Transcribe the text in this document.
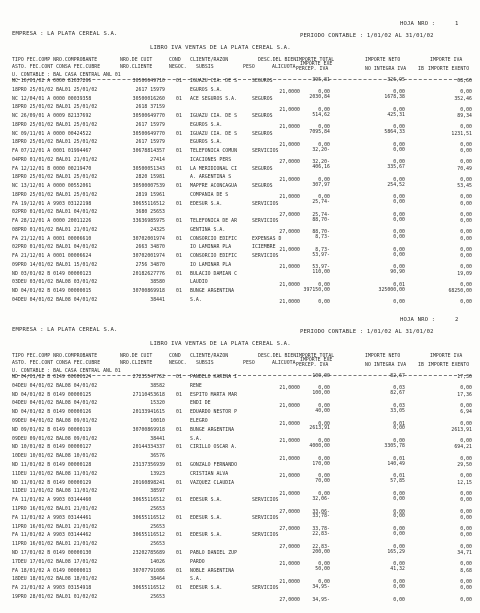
HOJA NRO :	1
EMPRESA : LA PLATA CEREAL S.A.	PERIODO CONTABLE : 1/01/02 AL 31/01/02
LIBRO IVA VENTAS DE LA PLATA CEREAL S.A.
TIPO FEC.COMP NRO.COMPROBANTE	NRO.DE CUIT	COND CLIENTE/RAZON	DESC.DEL BIEN IMPORTE TOTAL	IMPORTE NETO	IMPORTE IVA
ASTO. FEC.CONT CONSA FEC.CUBRE	NRO.CLIENTE	NEGOC. SUBSIS	PESO	ALICUOTA
IMPORTE EXE
PERCEP. IVA	NO INTEGRA IVA IB IMPORTE EXENTO
U. CONTABLE : BAL CASA CENTRAL ANL 01
NC 10/01/02 A 0000 81037266	30500649710 01 IGUAZU CIA. DE S	SEGUROS	395,81	326,95	68,66
18PRO 25/01/02 BAL01 25/01/02	2617 15979	EGUROS S.A.	21,0000	0,00	0,00	0,00
NC 12/04/01 A 0000 00039358	30500016260 01 ACE SEGUROS S.A.	SEGUROS	2030,84	1678,38	352,46
18PRO 25/01/02 BAL01 25/01/02	2618 37159	21,0000	0,00	0,00	0,00
NC 26/09/01 A 0009 82137692	30500649770 01 IGUAZU CIA. DE S	SEGUROS	514,62	425,31	89,34
18PRO 25/01/02 BAL01 25/01/02	2617 15979	EGUROS S.A.	21,0000	0,00	0,00	0,00
NC 09/11/01 A 0000 00424522	30500649770 01 IGUAZU CIA. DE S	SEGUROS	7095,84	5864,33	1231,51
18PRO 25/01/02 BAL01 25/01/02	2617 15979	EGUROS S.A.	21,0000	0,00	0,00	0,00
FA 07/12/01 A 0001 01994467	30678814357 01 TELEFONICA COMUN	SERVICIOS	32,20-	0,00	0,00
04PRO 01/01/02 BAL01 21/01/02	27414	ICACIONES PERS	27,0000	32,20-	0,00	0,00
FA 12/12/01 B 0000 00219470	30500051343 01 LA MERIDIONAL CI	SEGUROS	406,16	335,67	70,49
18PRO 25/01/02 BAL01 25/01/02	2820 15981	A. ARGENTINA S	21,0000	0,00	0,00	0,00
NC 13/12/01 A 0000 00552061	30500007539 01 MAPFRE ACONCAGUA	SEGUROS	307,97	254,52	53,45
18PRO 25/01/02 BAL01 25/01/02	2819 15961	COMPANIA DE S	21,0000	0,00	0,00	0,00
FA 19/12/01 A 9903 03122198	30655116512 01 EDESUR S.A.	SERVICIOS	25,74-	0,00	0,00
02PRO 01/01/02 BAL01 04/01/02	3680 25653	27,0000	25,74-	0,00	0,00
FA 28/12/01 A 0000 20011226	33636985975 01 TELEFONICA DE AR	SERVICIOS	88,70-	0,00	0,00
08PRO 01/01/02 BAL01 21/01/02	24325	GENTINA S.A.	27,0000	88,70-	0,00	0,00
FA 21/12/01 A 0001 00006610	30702001974 01 CONSORCIO EDIFIC	EXPENSAS D	8,73-	0,00	0,00
02PRO 01/01/02 BAL01 04/01/02	2663 34870	IO LAMINAR PLA	ICIEMBRE 21,0000	8,73-	0,00	0,00
FA 21/12/01 A 0001 00006624	30702001974 01 CONSORCIO EDIFIC	SERVICIOS	53,97-	0,00	0,00
09PRO 14/01/02 BAL01 15/01/02	2756 34870	IO LAMINAR PLA	21,0000	53,97-	0,00	0,00
ND 03/01/02 B 0149 00000123	20182627776 01 BULACIO DAMIAN C	110,00	90,90	19,09
03DEU 03/01/02 BAL08 03/01/02	38580	LAUDIO	21,0000	0,00	0,01	0,00
ND 04/01/02 B 0149 00000015	30700869918 01 BUNGE ARGENTINA	397150,00	325000,00	68250,00
04DEU 04/01/02 BAL08 04/01/02	38441	S.A.	21,0000	0,00	0,00	0,00
HOJA NRO :	2
EMPRESA : LA PLATA CEREAL S.A.	PERIODO CONTABLE : 1/01/02 AL 31/01/02
LIBRO IVA VENTAS DE LA PLATA CEREAL S.A.
TIPO FEC.COMP NRO.COMPROBANTE	NRO.DE CUIT	COND CLIENTE/RAZON	DESC.DEL BIEN IMPORTE TOTAL	IMPORTE NETO	IMPORTE IVA
ASTO. FEC.CONT CONSA FEC.CUBRE	NRO.CLIENTE	NEGOC. SUBSIS	PESO	ALICUOTA
IMPORTE EXE
PERCEP. IVA	NO INTEGRA IVA IB IMPORTE EXENTO
U. CONTABLE : BAL CASA CENTRAL ANL 01
ND 04/01/02 B 0149 00000124	27235547762 01 PANDELO KARINA I	100,00	82,67	17,36
04DEU 04/01/02 BAL08 04/01/02	38582	RENE	21,0000	0,00	0,03	0,00
ND 04/01/02 B 0149 00000125	27110453618 01 ESPITO MARTA MAR	100,00	82,67	17,36
04DEU 04/01/02 BAL08 04/01/02	15320	ENDI DE	21,0000	0,00	0,03	0,00
ND 04/01/02 B 0149 00000126	20133941615 01 EDUARDO NESTOR P	40,00	33,05	6,94
09DEU 04/01/02 BAL08 09/01/02	10010	ELEGRO	21,0000	0,00	0,01	0,00
ND 09/01/02 B 0149 00000119	30700869918 01 BUNGE ARGENTINA	2613,91	0,00	2613,91
09DEU 09/01/02 BAL08 09/01/02	38441	S.A.	21,0000	0,00	0,00	0,00
ND 10/01/02 B 0149 00000127	20144334337 01 CIRILLO OSCAR A.	4000,00	3305,78	694,21
10DEU 10/01/02 BAL08 10/01/02	36576	21,0000	0,00	0,01	0,00
ND 11/01/02 B 0149 00000128	23137356939 01 GONZALO FERNANDO	170,00	140,49	29,50
11DEU 11/01/02 BAL08 11/01/02	13923	CRISTIAN ALVA	21,0000	0,00	0,01	0,00
ND 11/01/02 B 0149 00000129	20160898241 01 VAZQUEZ CLAUDIA	70,00	57,85	12,15
11DEU 11/01/02 BAL08 11/01/02	38597	21,0000	0,00	0,00	0,00
FA 11/01/02 A 9903 03144460	30655116512 01 EDESUR S.A.	SERVICIOS	32,06-	0,00	0,00
11PRO 16/01/02 BAL01 21/01/02	25653	27,0000	33,06-	0,00	0,00
FA 11/01/02 A 9903 03144461	30655116512 01 EDESUR S.A.	SERVICIOS	33,78-	0,00	0,00
11PRO 16/01/02 BAL01 21/01/02	25653	27,0000	33,78-	0,00	0,00
FA 11/01/02 A 9903 03144462	30655116512 01 EDESUR S.A.	SERVICIOS	22,83-	0,00	0,00
11PRO 16/01/02 BAL01 21/01/02	25653	27,0000	22,83-	0,00	0,00
ND 17/01/02 B 0149 00000130	23202785689 01 PABLO DANIEL ZUP	200,00	165,29	34,71
17DEU 17/01/02 BAL08 17/01/02	14026	PARDO	21,0000	0,00	0,00	0,00
FA 18/01/02 A 0149 00000013	30707791086 01 NOBLE ARGENTINA	50,00	41,32	8,68
18DEU 18/01/02 BAL08 18/01/02	38464	S.A.	21,0000	0,00	0,00	0,00
FA 21/01/02 A 9903 03154918	30655116512 01 EDESUR S.A.	SERVICIOS	34,95-	0,00	0,00
19PRO 28/01/02 BAL01 01/02/02	25653	27,0000	34,95-	0,00	0,00
